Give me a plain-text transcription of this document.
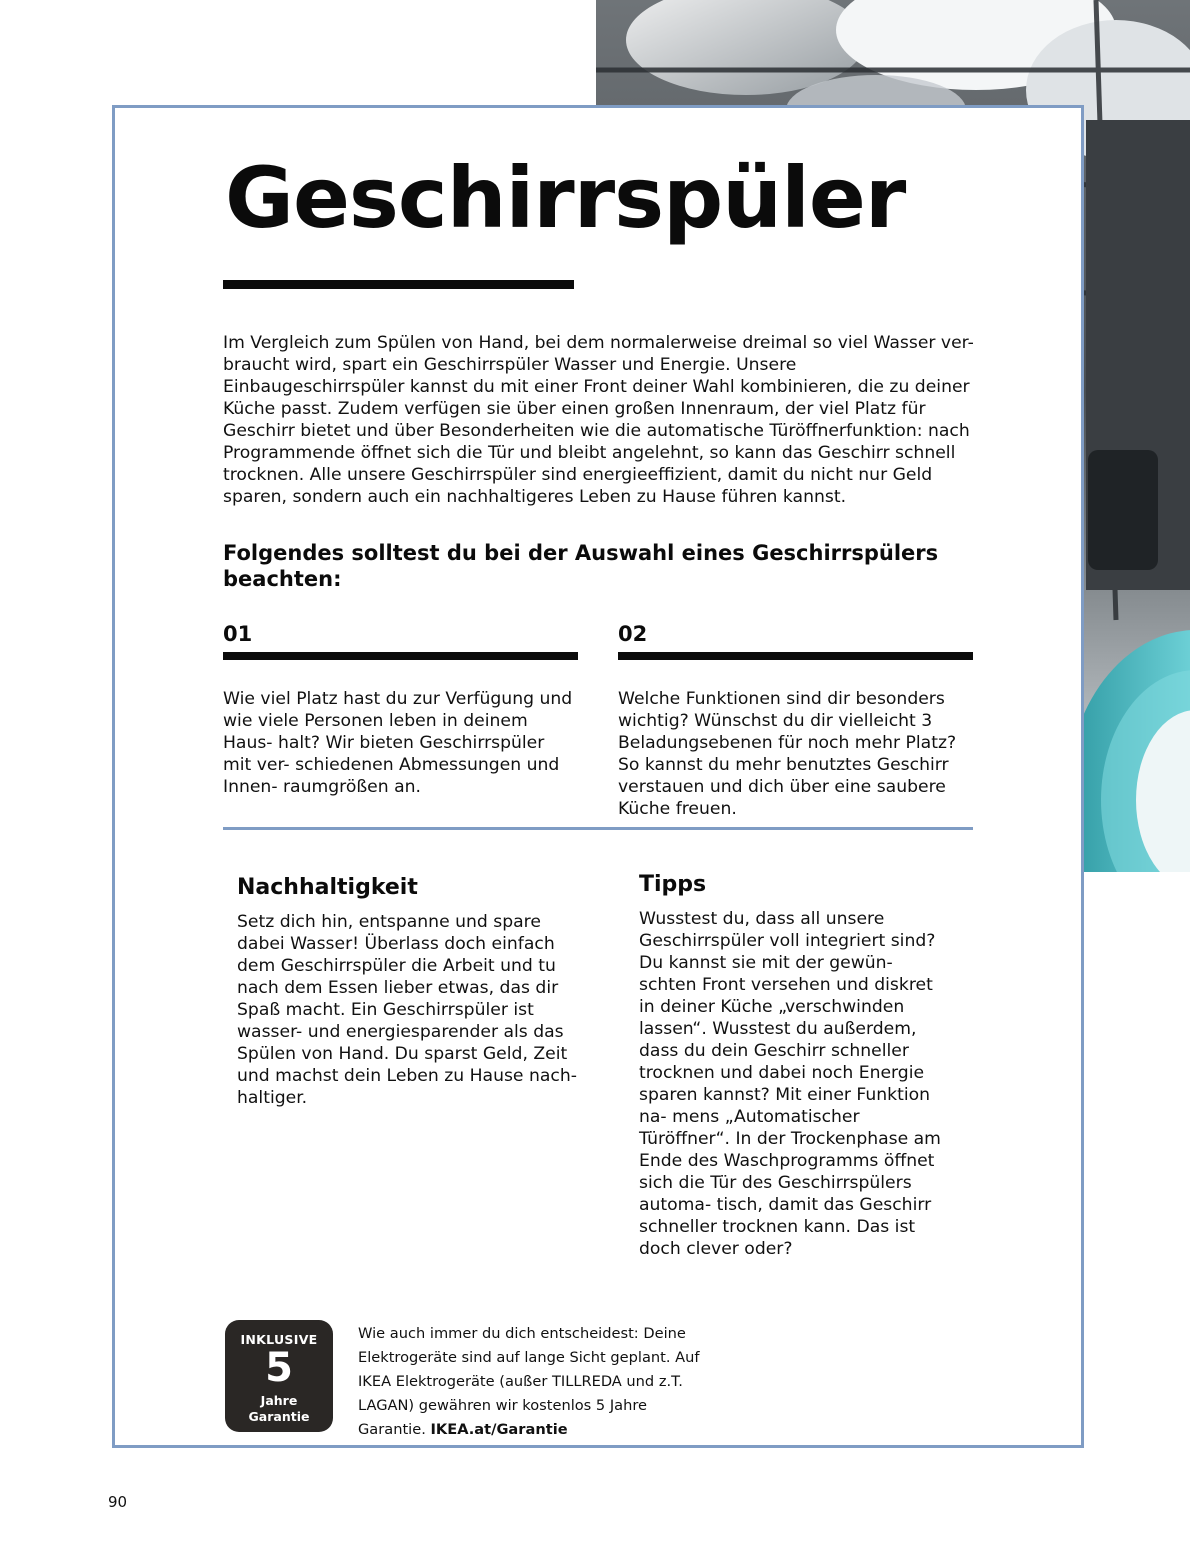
Geschirrspüler

Im Vergleich zum Spülen von Hand, bei dem normalerweise dreimal so viel Wasser ver- braucht wird, spart ein Geschirrspüler Wasser und Energie. Unsere Einbaugeschirrspüler kannst du mit einer Front deiner Wahl kombinieren, die zu deiner Küche passt. Zudem verfügen sie über einen großen Innenraum, der viel Platz für Geschirr bietet und über Besonderheiten wie die automatische Türöffnerfunktion: nach Programmende öffnet sich die Tür und bleibt angelehnt, so kann das Geschirr schnell trocknen. Alle unsere Geschirrspüler sind energieeffizient, damit du nicht nur Geld sparen, sondern auch ein nachhaltigeres Leben zu Hause führen kannst.

Folgendes solltest du bei der Auswahl eines Geschirrspülers beachten:
01

Wie viel Platz hast du zur Verfügung und wie viele Personen leben in deinem Haus- halt? Wir bieten Geschirrspüler mit ver- schiedenen Abmessungen und Innen- raumgrößen an.

02

Welche Funktionen sind dir besonders wichtig? Wünschst du dir vielleicht 3 Beladungsebenen für noch mehr Platz? So kannst du mehr benutztes Geschirr verstauen und dich über eine saubere Küche freuen.

Nachhaltigkeit

Setz dich hin, entspanne und spare dabei Wasser! Überlass doch einfach dem Geschirrspüler die Arbeit und tu nach dem Essen lieber etwas, das dir Spaß macht. Ein Geschirrspüler ist wasser- und energiesparender als das Spülen von Hand. Du sparst Geld, Zeit und machst dein Leben zu Hause nach- haltiger.

Tipps

Wusstest du, dass all unsere Geschirrspüler voll integriert sind? Du kannst sie mit der gewün- schten Front versehen und diskret in deiner Küche „verschwinden lassen“. Wusstest du außerdem, dass du dein Geschirr schneller trocknen und dabei noch Energie sparen kannst? Mit einer Funktion na- mens „Automatischer Türöffner“. In der Trockenphase am Ende des Waschprogramms öffnet sich die Tür des Geschirrspülers automa- tisch, damit das Geschirr schneller trocknen kann. Das ist doch clever oder?

INKLUSIVE
5
Jahre
Garantie

Wie auch immer du dich entscheidest: Deine Elektrogeräte sind auf lange Sicht geplant. Auf IKEA Elektrogeräte (außer TILLREDA und z.T. LAGAN) gewähren wir kostenlos 5 Jahre Garantie. IKEA.at/Garantie

90
